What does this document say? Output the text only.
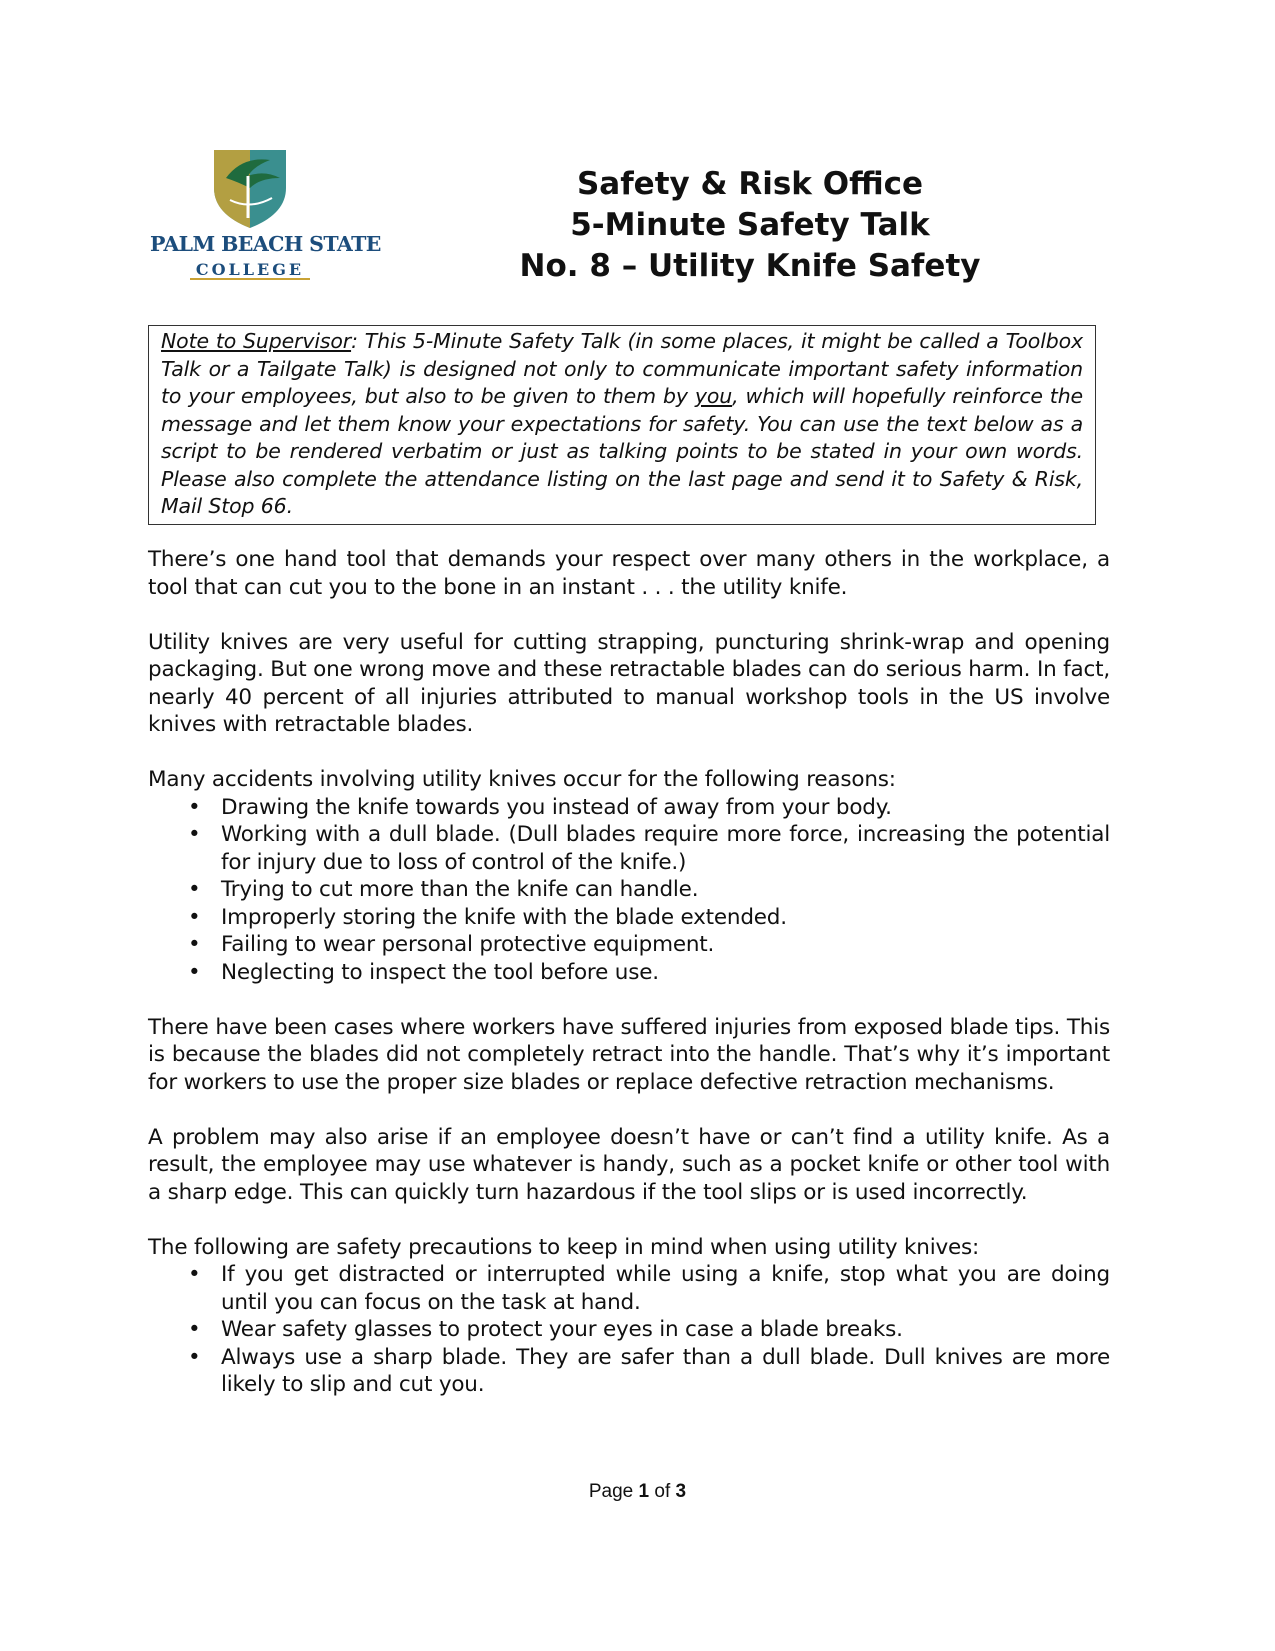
PALM BEACH STATE
COLLEGE
Safety & Risk Office
5-Minute Safety Talk
No. 8 – Utility Knife Safety
Note to Supervisor: This 5-Minute Safety Talk (in some places, it might be called a Toolbox Talk or a Tailgate Talk) is designed not only to communicate important safety information to your employees, but also to be given to them by you, which will hopefully reinforce the message and let them know your expectations for safety. You can use the text below as a script to be rendered verbatim or just as talking points to be stated in your own words. Please also complete the attendance listing on the last page and send it to Safety & Risk, Mail Stop 66.

There’s one hand tool that demands your respect over many others in the workplace, a tool that can cut you to the bone in an instant . . . the utility knife.

Utility knives are very useful for cutting strapping, puncturing shrink-wrap and opening packaging. But one wrong move and these retractable blades can do serious harm. In fact, nearly 40 percent of all injuries attributed to manual workshop tools in the US involve knives with retractable blades.

Many accidents involving utility knives occur for the following reasons:

• Drawing the knife towards you instead of away from your body.
• Working with a dull blade. (Dull blades require more force, increasing the potential for injury due to loss of control of the knife.)
• Trying to cut more than the knife can handle.
• Improperly storing the knife with the blade extended.
• Failing to wear personal protective equipment.
• Neglecting to inspect the tool before use.

There have been cases where workers have suffered injuries from exposed blade tips. This is because the blades did not completely retract into the handle. That’s why it’s important for workers to use the proper size blades or replace defective retraction mechanisms.

A problem may also arise if an employee doesn’t have or can’t find a utility knife. As a result, the employee may use whatever is handy, such as a pocket knife or other tool with a sharp edge. This can quickly turn hazardous if the tool slips or is used incorrectly.

The following are safety precautions to keep in mind when using utility knives:

• If you get distracted or interrupted while using a knife, stop what you are doing until you can focus on the task at hand.
• Wear safety glasses to protect your eyes in case a blade breaks.
• Always use a sharp blade. They are safer than a dull blade. Dull knives are more likely to slip and cut you.
Page 1 of 3
